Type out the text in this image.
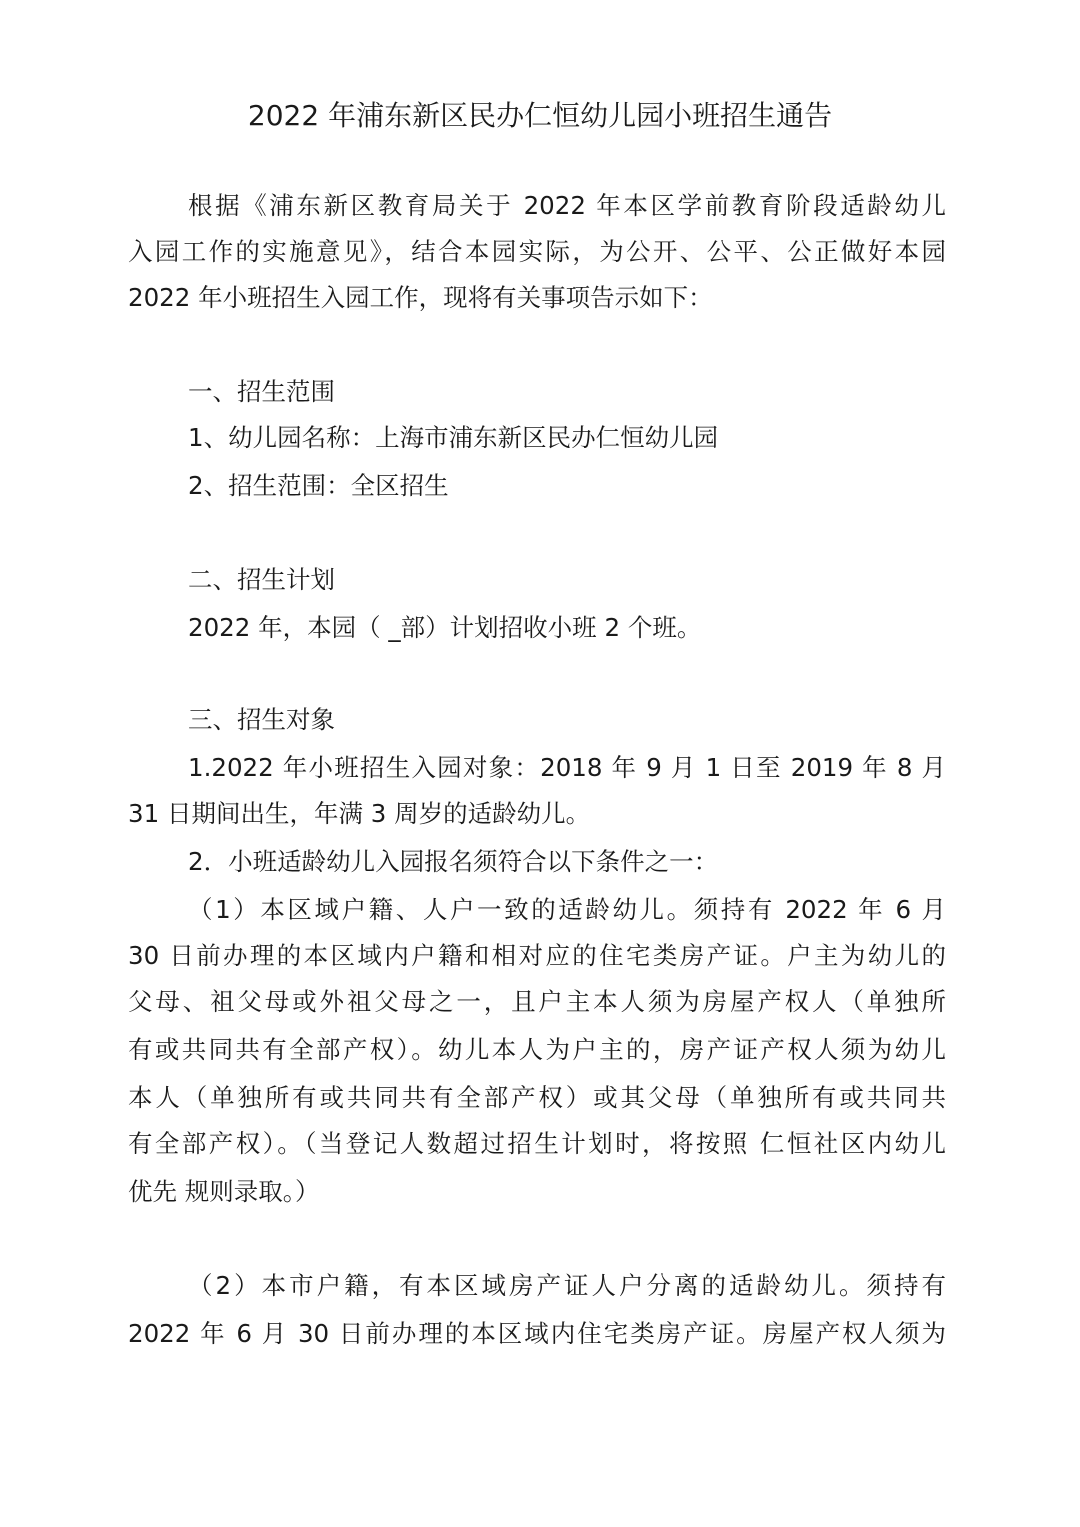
2022 年浦东新区民办仁恒幼儿园小班招生通告
根据《浦东新区教育局关于 2022 年本区学前教育阶段适龄幼儿
入园工作的实施意见》，结合本园实际，为公开、公平、公正做好本园
2022 年小班招生入园工作，现将有关事项告示如下：
一、招生范围
1、幼儿园名称：上海市浦东新区民办仁恒幼儿园
2、招生范围：全区招生
二、招生计划
2022 年，本园（ _部）计划招收小班 2 个班。
三、招生对象
1.2022 年小班招生入园对象：2018 年 9 月 1 日至 2019 年 8 月
31 日期间出生，年满 3 周岁的适龄幼儿。
2．小班适龄幼儿入园报名须符合以下条件之一：
（1）本区域户籍、人户一致的适龄幼儿。须持有 2022 年 6 月
30 日前办理的本区域内户籍和相对应的住宅类房产证。户主为幼儿的
父母、祖父母或外祖父母之一，且户主本人须为房屋产权人（单独所
有或共同共有全部产权）。幼儿本人为户主的，房产证产权人须为幼儿
本人（单独所有或共同共有全部产权）或其父母（单独所有或共同共
有全部产权）。（当登记人数超过招生计划时，将按照 仁恒社区内幼儿
优先 规则录取。）
（2）本市户籍，有本区域房产证人户分离的适龄幼儿。须持有
2022 年 6 月 30 日前办理的本区域内住宅类房产证。房屋产权人须为
